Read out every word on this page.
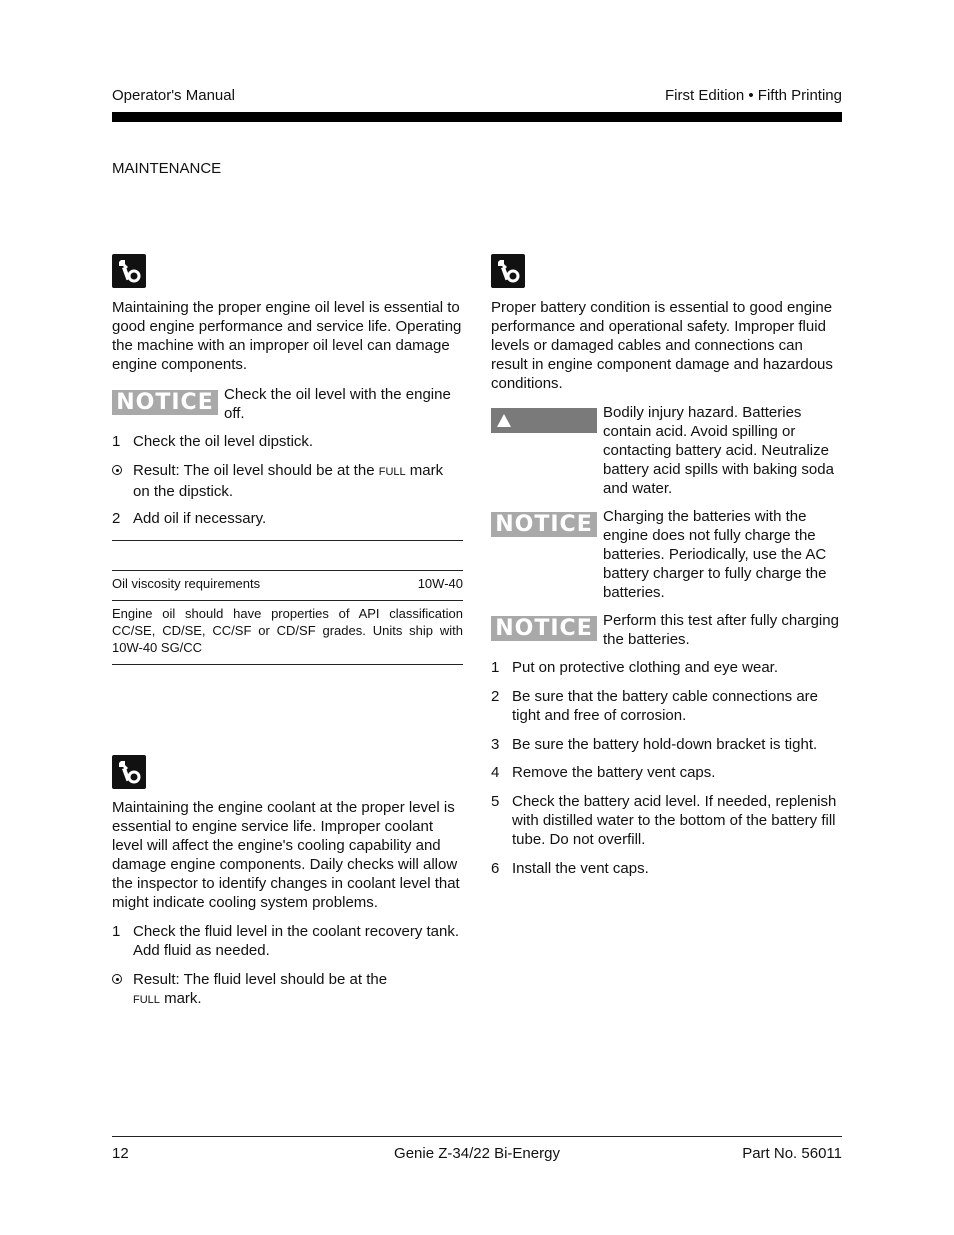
Operator's Manual	First Edition • Fifth Printing
MAINTENANCE

Maintaining the proper engine oil level is essential to good engine performance and service life. Operating the machine with an improper oil level can damage engine components.

NOTICE Check the oil level with the engine off.
1 Check the oil level dipstick.
Result: The oil level should be at the FULL mark on the dipstick.
2 Add oil if necessary.
Oil viscosity requirements	10W-40
Engine oil should have properties of API classification CC/SE, CD/SE, CC/SF or CD/SF grades. Units ship with 10W-40 SG/CC

Maintaining the engine coolant at the proper level is essential to engine service life. Improper coolant level will affect the engine's cooling capability and damage engine components. Daily checks will allow the inspector to identify changes in coolant level that might indicate cooling system problems.

1 Check the fluid level in the coolant recovery tank. Add fluid as needed.
Result: The fluid level should be at the
FULL mark.

Proper battery condition is essential to good engine performance and operational safety. Improper fluid levels or damaged cables and connections can result in engine component damage and hazardous conditions.

WARNING
Bodily injury hazard. Batteries contain acid. Avoid spilling or contacting battery acid. Neutralize battery acid spills with baking soda and water.
NOTICE Charging the batteries with the engine does not fully charge the batteries. Periodically, use the AC battery charger to fully charge the batteries.
NOTICE Perform this test after fully charging the batteries.
1 Put on protective clothing and eye wear.
2 Be sure that the battery cable connections are tight and free of corrosion.
3 Be sure the battery hold-down bracket is tight.
4 Remove the battery vent caps.
5 Check the battery acid level. If needed, replenish with distilled water to the bottom of the battery fill tube. Do not overfill.
6 Install the vent caps.
12	Genie Z-34/22 Bi-Energy	Part No. 56011
